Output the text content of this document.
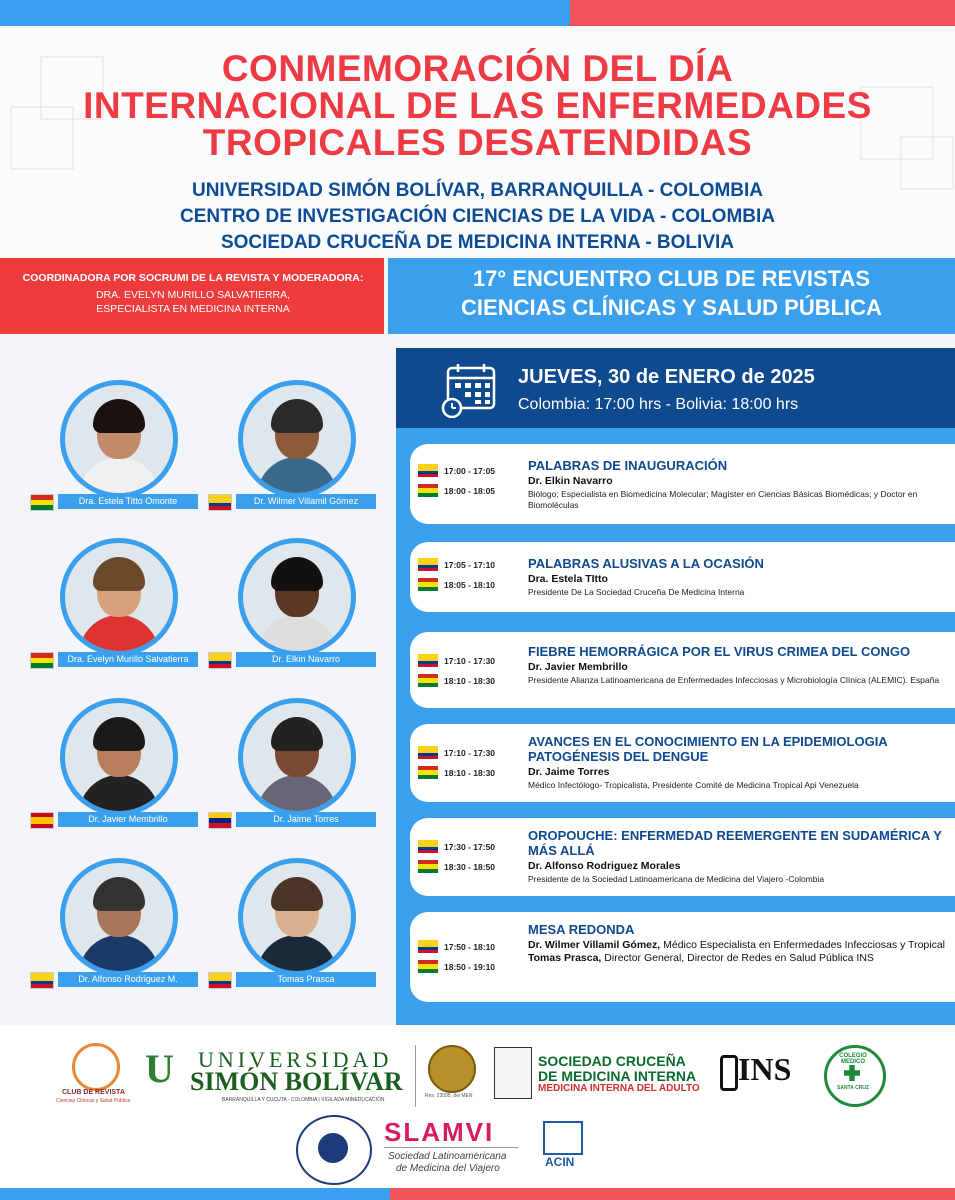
CONMEMORACIÓN DEL DÍA
INTERNACIONAL DE LAS ENFERMEDADES
TROPICALES DESATENDIDAS
UNIVERSIDAD SIMÓN BOLÍVAR, BARRANQUILLA - COLOMBIA
CENTRO DE INVESTIGACIÓN CIENCIAS DE LA VIDA - COLOMBIA
SOCIEDAD CRUCEÑA DE MEDICINA INTERNA - BOLIVIA
COORDINADORA POR SOCRUMI DE LA REVISTA Y MODERADORA:
DRA. EVELYN MURILLO SALVATIERRA,
ESPECIALISTA EN MEDICINA INTERNA
17° ENCUENTRO CLUB DE REVISTAS
CIENCIAS CLÍNICAS Y SALUD PÚBLICA
Dra. Estela Titto Omonte	Dr. Wilmer Villamil Gómez
Dra. Evelyn Murillo Salvatierra	Dr. Elkin Navarro
Dr. Javier Membrillo	Dr. Jaime Torres
Dr. Alfonso Rodriguez M.	Tomas Prasca
JUEVES, 30 de ENERO de 2025
Colombia: 17:00 hrs - Bolivia: 18:00 hrs
17:00 - 17:05
18:00 - 18:05
PALABRAS DE INAUGURACIÓN
Dr. Elkin Navarro
Biólogo; Especialista en Biomedicina Molecular; Magíster en Ciencias Básicas Biomédicas; y Doctor en Biomoléculas
17:05 - 17:10
18:05 - 18:10
PALABRAS ALUSIVAS A LA OCASIÓN
Dra. Estela TItto
Presidente De La Sociedad Cruceña De Medicina Interna
17:10 - 17:30
18:10 - 18:30
FIEBRE HEMORRÁGICA POR EL VIRUS CRIMEA DEL CONGO
Dr. Javier Membrillo
Presidente Alianza Latinoamericana de Enfermedades Infecciosas y Microbiología Clínica (ALEMIC). España
17:10 - 17:30
18:10 - 18:30
AVANCES EN EL CONOCIMIENTO EN LA EPIDEMIOLOGIA PATOGÉNESIS DEL DENGUE
Dr. Jaime Torres
Médico Infectólogo- Tropicalista, Presidente Comité de Medicina Tropical Api Venezuela
17:30 - 17:50
18:30 - 18:50
OROPOUCHE: ENFERMEDAD REEMERGENTE EN SUDAMÉRICA Y MÁS ALLÁ
Dr. Alfonso Rodriguez Morales
Presidente de la Sociedad Latinoamericana de Medicina del Viajero -Colombia
17:50 - 18:10
18:50 - 19:10
MESA REDONDA
Dr. Wilmer Villamil Gómez, Médico Especialista en Enfermedades Infecciosas y Tropical
Tomas Prasca, Director General, Director de Redes en Salud Pública INS
CLUB DE REVISTA
Ciencias Clínicas y Salud Pública
U UNIVERSIDAD
SIMÓN BOLÍVAR
BARRANQUILLA Y CUCUTA - COLOMBIA | VIGILADA MINEDUCACIÓN
Res. 23095, del MEN
SOCIEDAD CRUCEÑA
DE MEDICINA INTERNA
MEDICINA INTERNA DEL ADULTO
INS	COLEGIO MEDICO
SANTA CRUZ
SLAMVI
Sociedad Latinoamericana
de Medicina del Viajero	ACIN
